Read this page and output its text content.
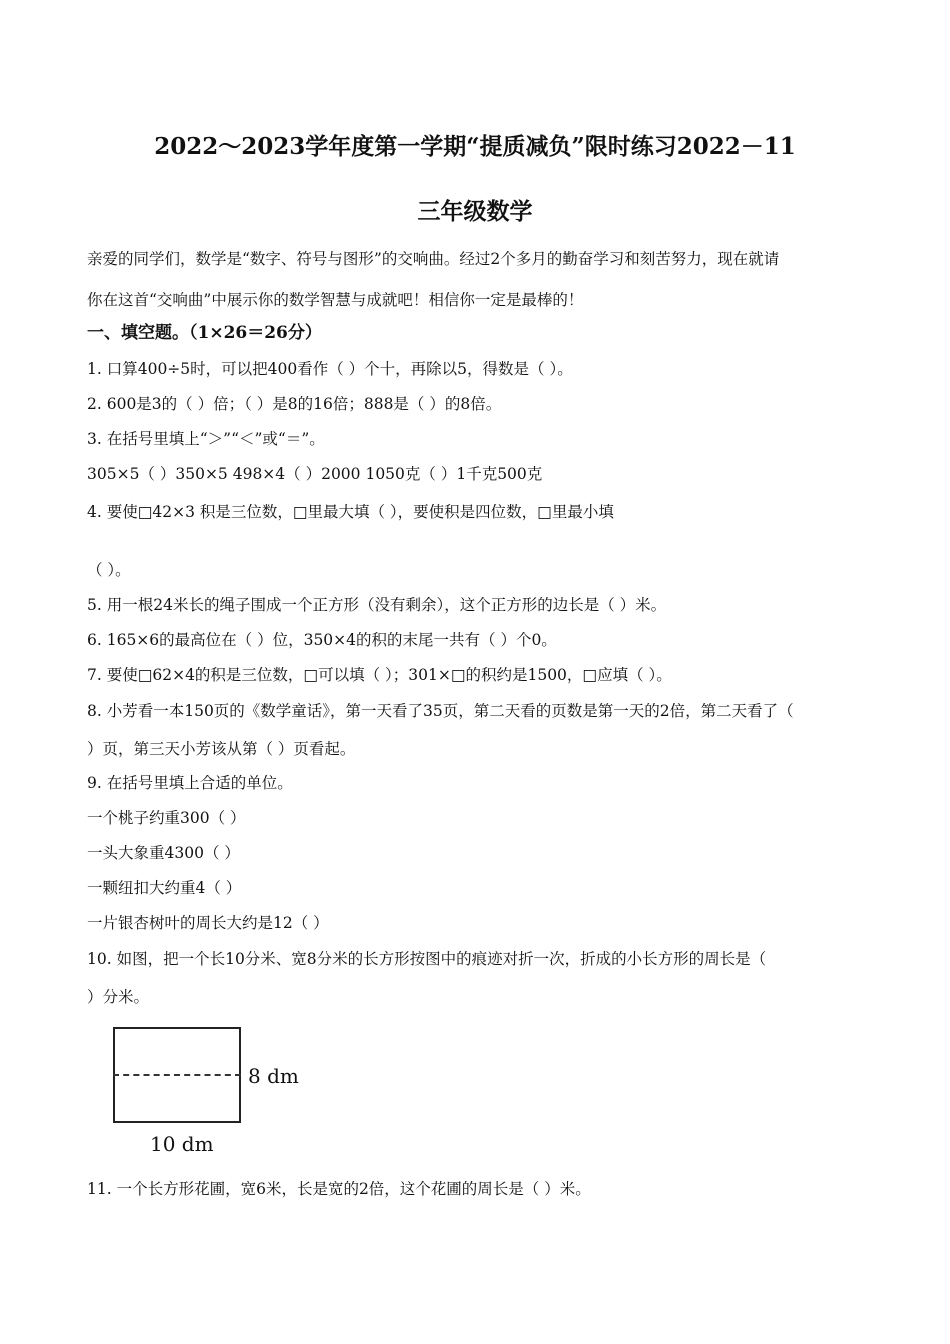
2022～2023学年度第一学期“提质减负”限时练习2022－11
三年级数学
亲爱的同学们，数学是“数字、符号与图形”的交响曲。经过2个多月的勤奋学习和刻苦努力，现在就请
你在这首“交响曲”中展示你的数学智慧与成就吧！相信你一定是最棒的！
一、填空题。（1×26＝26分）
1. 口算400÷5时，可以把400看作（ ）个十，再除以5，得数是（ ）。
2. 600是3的（ ）倍；（ ）是8的16倍；888是（ ）的8倍。
3. 在括号里填上“＞”“＜”或“＝”。
305×5（ ）350×5 498×4（ ）2000 1050克（ ）1千克500克
4. 要使□42×3 积是三位数，□里最大填（ ），要使积是四位数，□里最小填
（ ）。
5. 用一根24米长的绳子围成一个正方形（没有剩余），这个正方形的边长是（ ）米。
6. 165×6的最高位在（ ）位，350×4的积的末尾一共有（ ）个0。
7. 要使□62×4的积是三位数，□可以填（ ）；301×□的积约是1500，□应填（ ）。
8. 小芳看一本150页的《数学童话》，第一天看了35页，第二天看的页数是第一天的2倍，第二天看了（
）页，第三天小芳该从第（ ）页看起。
9. 在括号里填上合适的单位。
一个桃子约重300（ ）
一头大象重4300（ ）
一颗纽扣大约重4（ ）
一片银杏树叶的周长大约是12（ ）
10. 如图，把一个长10分米、宽8分米的长方形按图中的痕迹对折一次，折成的小长方形的周长是（
）分米。
8 dm
10 dm
11. 一个长方形花圃，宽6米，长是宽的2倍，这个花圃的周长是（ ）米。
